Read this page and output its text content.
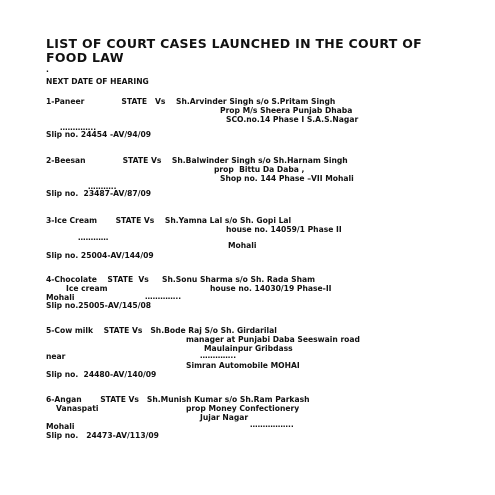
LIST OF COURT CASES LAUNCHED IN THE COURT OF FOOD LAW
.
NEXT DATE OF HEARING
1-Paneer              STATE   Vs    Sh.Arvinder Singh s/o S.Pritam Singh
Prop M/s Sheera Punjab Dhaba
SCO.no.14 Phase I S.A.S.Nagar
…………..
Slip no. 24454 -AV/94/09
2-Beesan              STATE Vs    Sh.Balwinder Singh s/o Sh.Harnam Singh
prop  Bittu Da Daba ,
Shop no. 144 Phase –VII Mohali
………..
Slip no.  23487-AV/87/09
3-Ice Cream       STATE Vs    Sh.Yamna Lal s/o Sh. Gopi Lal
house no. 14059/1 Phase II
…………
Mohali
Slip no. 25004-AV/144/09
4-Chocolate    STATE  Vs     Sh.Sonu Sharma s/o Sh. Rada Sham
Ice cream	house no. 14030/19 Phase-II
Mohali	…………..
Slip no.25005-AV/145/08
5-Cow milk    STATE Vs   Sh.Bode Raj S/o Sh. Girdarilal
manager at Punjabi Daba Seeswain road
Maulainpur Gribdass
near	…………..
Simran Automobile MOHAI
Slip no.  24480-AV/140/09
6-Angan       STATE Vs   Sh.Munish Kumar s/o Sh.Ram Parkash
Vanaspati	prop Money Confectionery
Jujar Nagar
Mohali	……………..
Slip no.   24473-AV/113/09
